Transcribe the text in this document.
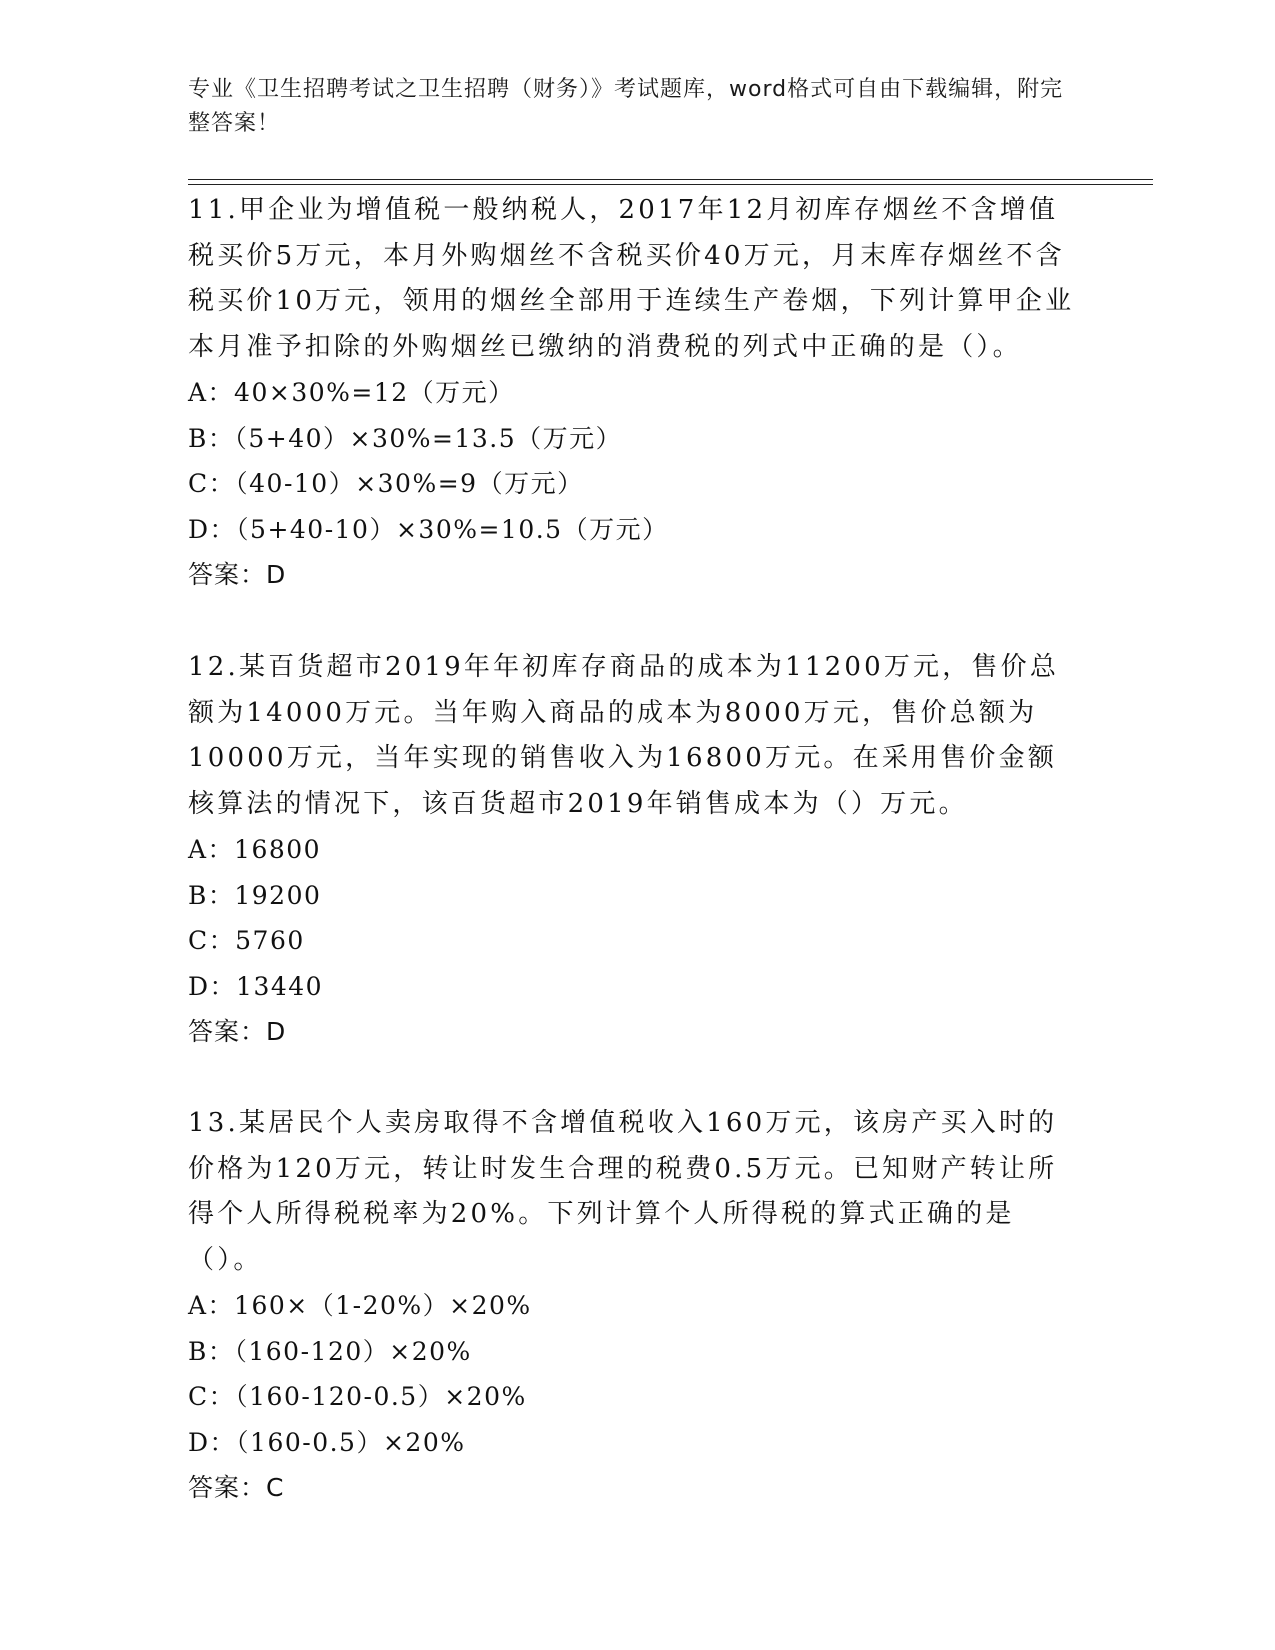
专业《卫生招聘考试之卫生招聘（财务）》考试题库，word格式可自由下载编辑，附完整答案！

11.甲企业为增值税一般纳税人，2017年12月初库存烟丝不含增值税买价5万元，本月外购烟丝不含税买价40万元，月末库存烟丝不含税买价10万元，领用的烟丝全部用于连续生产卷烟，下列计算甲企业本月准予扣除的外购烟丝已缴纳的消费税的列式中正确的是（）。

A：40×30%=12（万元）

B：（5+40）×30%=13.5（万元）

C：（40-10）×30%=9（万元）

D：（5+40-10）×30%=10.5（万元）

答案：D

12.某百货超市2019年年初库存商品的成本为11200万元，售价总额为14000万元。当年购入商品的成本为8000万元，售价总额为10000万元，当年实现的销售收入为16800万元。在采用售价金额核算法的情况下，该百货超市2019年销售成本为（）万元。

A：16800

B：19200

C：5760

D：13440

答案：D

13.某居民个人卖房取得不含增值税收入160万元，该房产买入时的价格为120万元，转让时发生合理的税费0.5万元。已知财产转让所得个人所得税税率为20%。下列计算个人所得税的算式正确的是（）。

A：160×（1-20%）×20%

B：（160-120）×20%

C：（160-120-0.5）×20%

D：（160-0.5）×20%

答案：C
